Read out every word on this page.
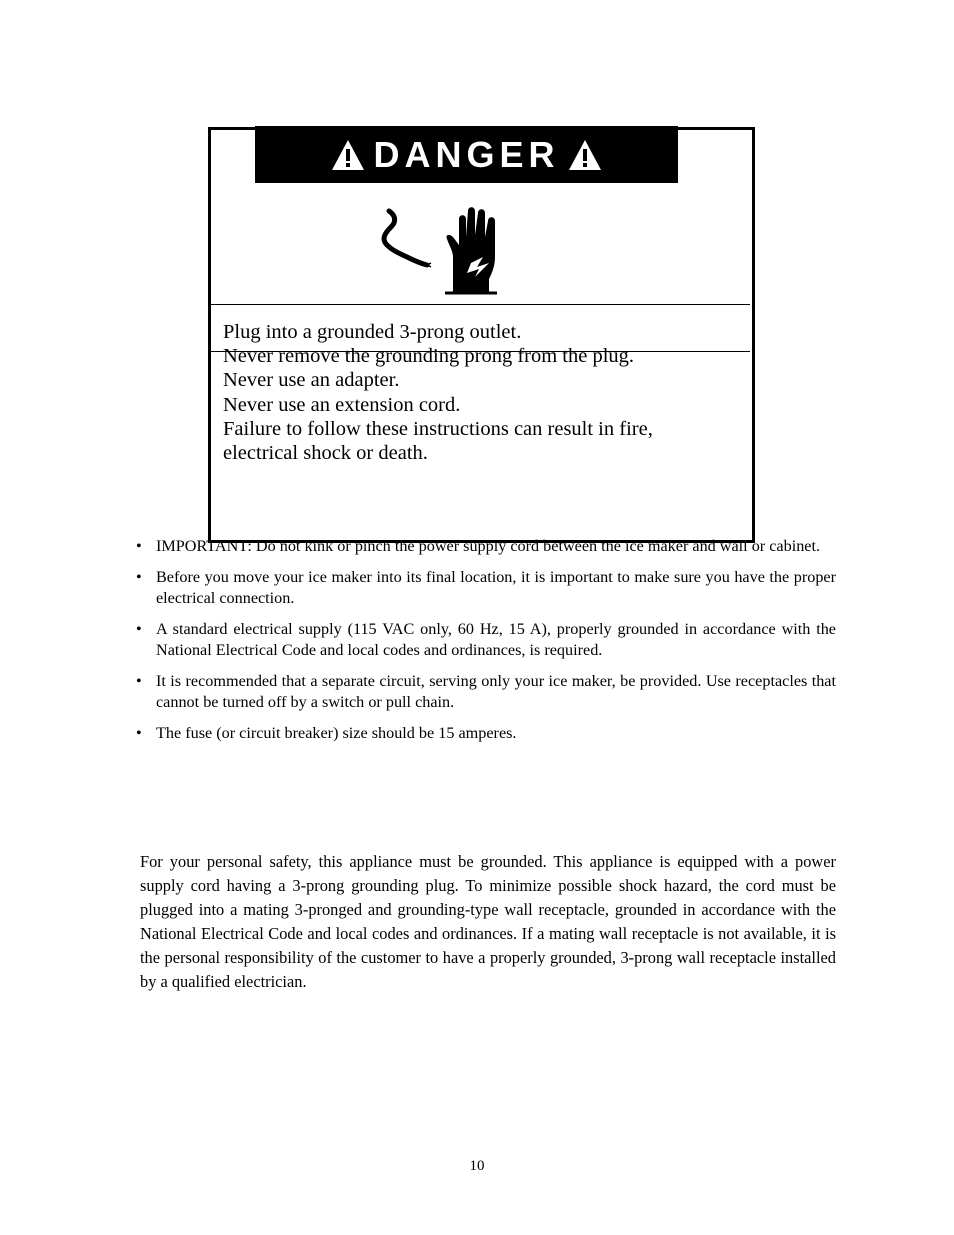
DANGER
Plug into a grounded 3-prong outlet.
Never remove the grounding prong from the plug.
Never use an adapter.
Never use an extension cord.
Failure to follow these instructions can result in fire,
electrical shock or death.
• IMPORTANT: Do not kink or pinch the power supply cord between the ice maker and wall or cabinet.
• Before you move your ice maker into its final location, it is important to make sure you have the proper electrical connection.
• A standard electrical supply (115 VAC only, 60 Hz, 15 A), properly grounded in accordance with the National Electrical Code and local codes and ordinances, is required.
• It is recommended that a separate circuit, serving only your ice maker, be provided. Use receptacles that cannot be turned off by a switch or pull chain.
• The fuse (or circuit breaker) size should be 15 amperes.

For your personal safety, this appliance must be grounded. This appliance is equipped with a power supply cord having a 3-prong grounding plug. To minimize possible shock hazard, the cord must be plugged into a mating 3-pronged and grounding-type wall receptacle, grounded in accordance with the National Electrical Code and local codes and ordinances. If a mating wall receptacle is not available, it is the personal responsibility of the customer to have a properly grounded, 3-prong wall receptacle installed by a qualified electrician.

10
